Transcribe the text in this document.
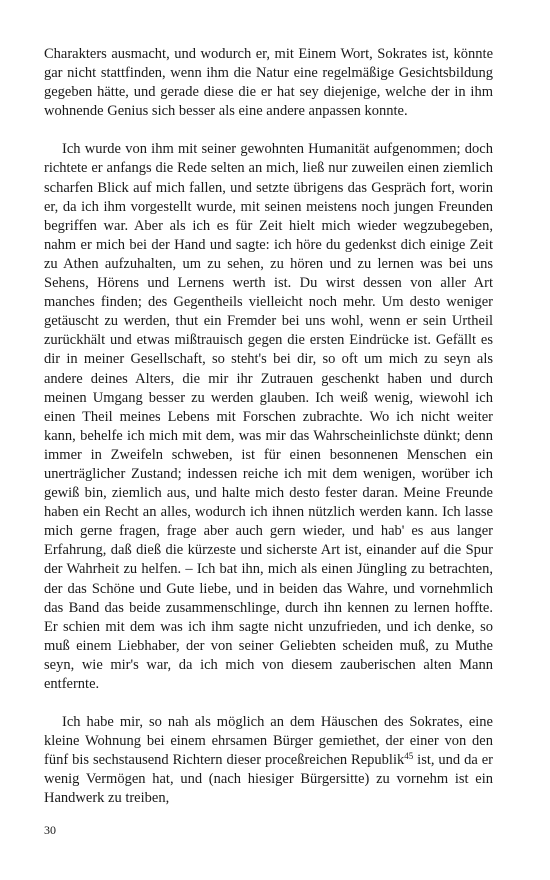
Charakters ausmacht, und wodurch er, mit Einem Wort, Sokrates ist, könnte gar nicht stattfinden, wenn ihm die Natur eine regelmäßige Gesichtsbildung gegeben hätte, und gerade diese die er hat sey diejenige, welche der in ihm wohnende Genius sich besser als eine andere anpassen konnte.

Ich wurde von ihm mit seiner gewohnten Humanität aufgenommen; doch richtete er anfangs die Rede selten an mich, ließ nur zuweilen einen ziemlich scharfen Blick auf mich fallen, und setzte übrigens das Gespräch fort, worin er, da ich ihm vorgestellt wurde, mit seinen meistens noch jungen Freunden begriffen war. Aber als ich es für Zeit hielt mich wieder wegzubegeben, nahm er mich bei der Hand und sagte: ich höre du gedenkst dich einige Zeit zu Athen aufzuhalten, um zu sehen, zu hören und zu lernen was bei uns Sehens, Hörens und Lernens werth ist. Du wirst dessen von aller Art manches finden; des Gegentheils vielleicht noch mehr. Um desto weniger getäuscht zu werden, thut ein Fremder bei uns wohl, wenn er sein Urtheil zurückhält und etwas mißtrauisch gegen die ersten Eindrücke ist. Gefällt es dir in meiner Gesellschaft, so steht's bei dir, so oft um mich zu seyn als andere deines Alters, die mir ihr Zutrauen geschenkt haben und durch meinen Umgang besser zu werden glauben. Ich weiß wenig, wiewohl ich einen Theil meines Lebens mit Forschen zubrachte. Wo ich nicht weiter kann, behelfe ich mich mit dem, was mir das Wahrscheinlichste dünkt; denn immer in Zweifeln schweben, ist für einen besonnenen Menschen ein unerträglicher Zustand; indessen reiche ich mit dem wenigen, worüber ich gewiß bin, ziemlich aus, und halte mich desto fester daran. Meine Freunde haben ein Recht an alles, wodurch ich ihnen nützlich werden kann. Ich lasse mich gerne fragen, frage aber auch gern wieder, und hab' es aus langer Erfahrung, daß dieß die kürzeste und sicherste Art ist, einander auf die Spur der Wahrheit zu helfen. – Ich bat ihn, mich als einen Jüngling zu betrachten, der das Schöne und Gute liebe, und in beiden das Wahre, und vornehmlich das Band das beide zusammenschlinge, durch ihn kennen zu lernen hoffte. Er schien mit dem was ich ihm sagte nicht unzufrieden, und ich denke, so muß einem Liebhaber, der von seiner Geliebten scheiden muß, zu Muthe seyn, wie mir's war, da ich mich von diesem zauberischen alten Mann entfernte.

Ich habe mir, so nah als möglich an dem Häuschen des Sokrates, eine kleine Wohnung bei einem ehrsamen Bürger gemiethet, der einer von den fünf bis sechstausend Richtern dieser proceßreichen Republik$^{45}$ ist, und da er wenig Vermögen hat, und (nach hiesiger Bürgersitte) zu vornehm ist ein Handwerk zu treiben,

30
